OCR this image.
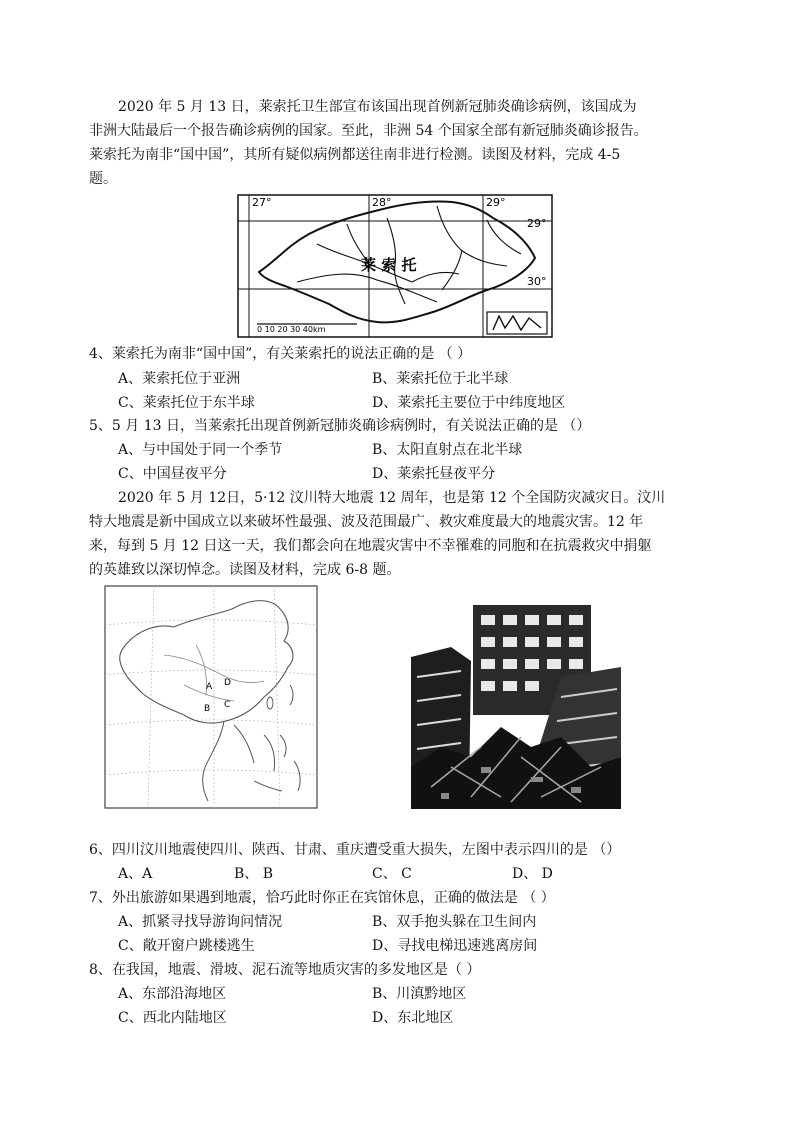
2020 年 5 月 13 日，莱索托卫生部宣布该国出现首例新冠肺炎确诊病例，该国成为
非洲大陆最后一个报告确诊病例的国家。至此，非洲 54 个国家全部有新冠肺炎确诊报告。
莱索托为南非“国中国”，其所有疑似病例都送往南非进行检测。读图及材料，完成 4-5
题。
27°	28°	29°
29°
30°
莱 索 托
0 10 20 30 40km
4、莱索托为南非“国中国”，有关莱索托的说法正确的是 （ ）
A、莱索托位于亚洲	B、莱索托位于北半球
C、莱索托位于东半球	D、莱索托主要位于中纬度地区
5、5 月 13 日，当莱索托出现首例新冠肺炎确诊病例时，有关说法正确的是 （）
A、与中国处于同一个季节	B、太阳直射点在北半球
C、中国昼夜平分	D、莱索托昼夜平分
2020 年 5 月 12日，5·12 汶川特大地震 12 周年，也是第 12 个全国防灾减灾日。汶川
特大地震是新中国成立以来破坏性最强、波及范围最广、救灾难度最大的地震灾害。12 年
来，每到 5 月 12 日这一天，我们都会向在地震灾害中不幸罹难的同胞和在抗震救灾中捐躯
的英雄致以深切悼念。读图及材料，完成 6-8 题。
A
B C
D
6、四川汶川地震使四川、陕西、甘肃、重庆遭受重大损失，左图中表示四川的是 （）
A、A	B、 B	C、 C	D、 D
7、外出旅游如果遇到地震，恰巧此时你正在宾馆休息，正确的做法是 （ ）
A、抓紧寻找导游询问情况	B、双手抱头躲在卫生间内
C、敞开窗户跳楼逃生	D、寻找电梯迅速逃离房间
8、在我国，地震、滑坡、泥石流等地质灾害的多发地区是（ ）
A、东部沿海地区	B、川滇黔地区
C、西北内陆地区	D、东北地区
